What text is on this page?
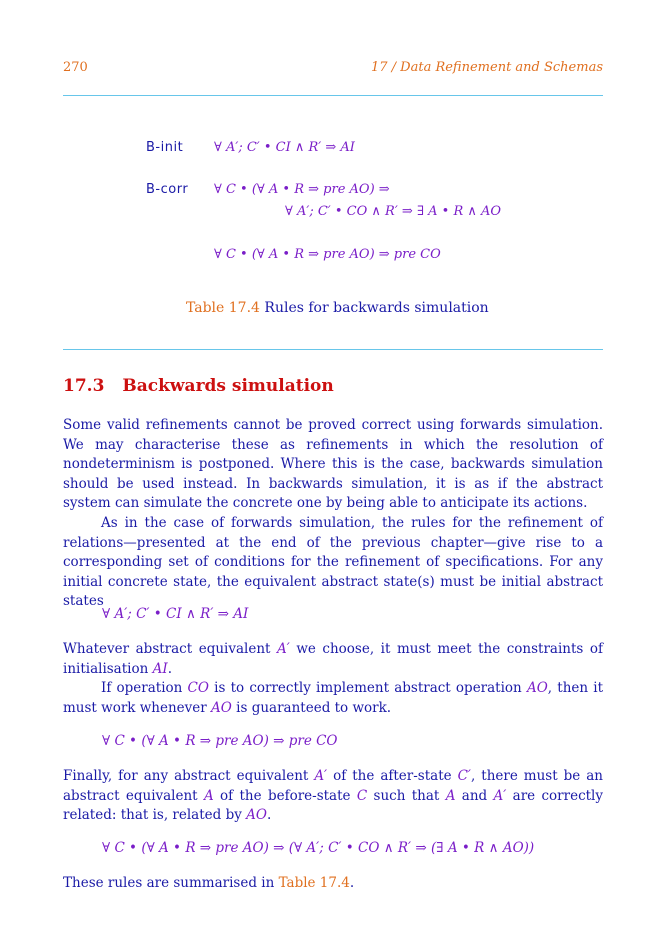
270	17 / Data Refinement and Schemas
B-init ∀ A′; C′ • CI ∧ R′ ⇒ AI
B-corr ∀ C • (∀ A • R ⇒ pre AO) ⇒
∀ A′; C′ • CO ∧ R′ ⇒ ∃ A • R ∧ AO
∀ C • (∀ A • R ⇒ pre AO) ⇒ pre CO
Table 17.4 Rules for backwards simulation
17.3 Backwards simulation

Some valid refinements cannot be proved correct using forwards simulation. We may characterise these as refinements in which the resolution of nondeterminism is postponed. Where this is the case, backwards simulation should be used instead. In backwards simulation, it is as if the abstract system can simulate the concrete one by being able to anticipate its actions.

As in the case of forwards simulation, the rules for the refinement of relations—presented at the end of the previous chapter—give rise to a corresponding set of conditions for the refinement of specifications. For any initial concrete state, the equivalent abstract state(s) must be initial abstract states

∀ A′; C′ • CI ∧ R′ ⇒ AI

Whatever abstract equivalent A′ we choose, it must meet the constraints of initialisation AI.

If operation CO is to correctly implement abstract operation AO, then it must work whenever AO is guaranteed to work.

∀ C • (∀ A • R ⇒ pre AO) ⇒ pre CO

Finally, for any abstract equivalent A′ of the after-state C′, there must be an abstract equivalent A of the before-state C such that A and A′ are correctly related: that is, related by AO.

∀ C • (∀ A • R ⇒ pre AO) ⇒ (∀ A′; C′ • CO ∧ R′ ⇒ (∃ A • R ∧ AO))
These rules are summarised in Table 17.4.
